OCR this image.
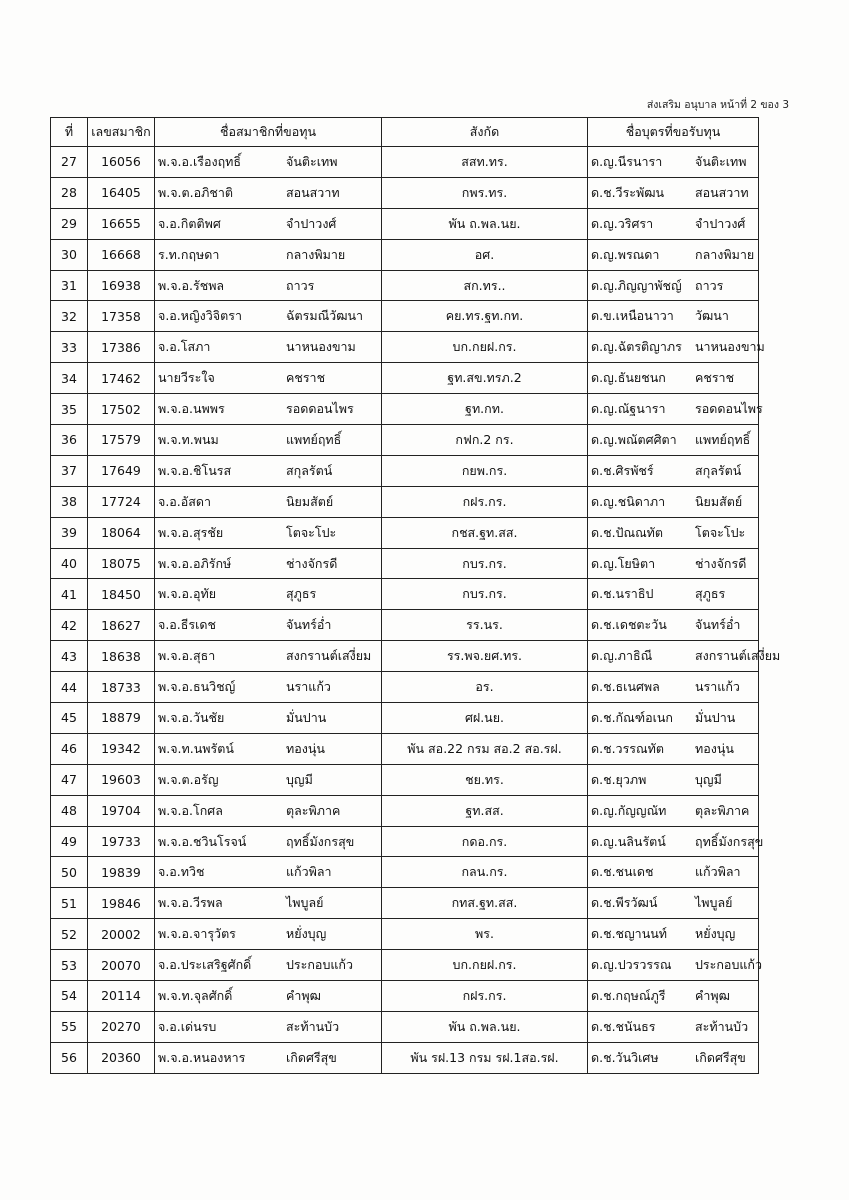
ส่งเสริม อนุบาล หน้าที่ 2 ของ 3
ที่	เลขสมาชิก	ชื่อสมาชิกที่ขอทุน	สังกัด	ชื่อบุตรที่ขอรับทุน
27	16056	พ.จ.อ.เรืองฤทธิ์ จันติะเทพ	สสท.ทร.	ด.ญ.นีรนารา จันติะเทพ
28	16405	พ.จ.ต.อภิชาติ สอนสวาท	กพร.ทร.	ด.ช.วีระพัฒน สอนสวาท
29	16655	จ.อ.กิตติพศ จำปาวงศ์	พัน ถ.พล.นย.	ด.ญ.วริศรา จำปาวงศ์
30	16668	ร.ท.กฤษดา กลางพิมาย	อศ.	ด.ญ.พรณดา กลางพิมาย
31	16938	พ.จ.อ.รัชพล ถาวร	สก.ทร..	ด.ญ.ภิญญาพัชญ์ ถาวร
32	17358	จ.อ.หญิงวิจิตรา ฉัตรมณีวัฒนา	คย.ทร.ฐท.กท.	ด.ข.เหนือนาวา วัฒนา
33	17386	จ.อ.โสภา นาหนองขาม	บก.กยฝ.กร.	ด.ญ.ฉัตรติญาภร นาหนองขาม
34	17462	นายวีระใจ คชราช	ฐท.สข.ทรภ.2	ด.ญ.ธันยชนก คชราช
35	17502	พ.จ.อ.นพพร รอดดอนไพร	ฐท.กท.	ด.ญ.ณัฐนารา รอดดอนไพร
36	17579	พ.จ.ท.พนม แพทย์ฤทธิ์	กฟก.2 กร.	ด.ญ.พณัตศศิตา แพทย์ฤทธิ์
37	17649	พ.จ.อ.ชิโนรส สกุลรัตน์	กยพ.กร.	ด.ช.ศิรพัชร์ สกุลรัตน์
38	17724	จ.อ.อัสดา นิยมสัตย์	กฝร.กร.	ด.ญ.ชนิดาภา นิยมสัตย์
39	18064	พ.จ.อ.สุรชัย โตจะโปะ	กชส.ฐท.สส.	ด.ช.ปัณณทัต โตจะโปะ
40	18075	พ.จ.อ.อภิรักษ์ ช่างจักรดี	กบร.กร.	ด.ญ.โยษิตา ช่างจักรดี
41	18450	พ.จ.อ.อุทัย สุภูธร	กบร.กร.	ด.ช.นราธิป สุภูธร
42	18627	จ.อ.ธีรเดช จันทร์อ่ำ	รร.นร.	ด.ช.เดชตะวัน จันทร์อ่ำ
43	18638	พ.จ.อ.สุธา สงกรานต์เสงี่ยม	รร.พจ.ยศ.ทร.	ด.ญ.ภาธิณี สงกรานต์เสงี่ยม
44	18733	พ.จ.อ.ธนวิชญ์ นราแก้ว	อร.	ด.ช.ธเนศพล นราแก้ว
45	18879	พ.จ.อ.วันชัย มั่นปาน	ศฝ.นย.	ด.ช.กัณฑ์อเนก มั่นปาน
46	19342	พ.จ.ท.นพรัตน์ ทองนุ่น	พัน สอ.22 กรม สอ.2 สอ.รฝ.	ด.ช.วรรณทัต ทองนุ่น
47	19603	พ.จ.ต.อรัญ บุญมี	ชย.ทร.	ด.ช.ยุวภพ บุญมี
48	19704	พ.จ.อ.โกศล ตุละพิภาค	ฐท.สส.	ด.ญ.กัญญณัท ตุละพิภาค
49	19733	พ.จ.อ.ชวินโรจน์ ฤทธิ์มังกรสุข	กดอ.กร.	ด.ญ.นลินรัตน์ ฤทธิ์มังกรสุข
50	19839	จ.อ.ทวิช แก้วพิลา	กลน.กร.	ด.ช.ชนเดช แก้วพิลา
51	19846	พ.จ.อ.วีรพล ไพบูลย์	กทส.ฐท.สส.	ด.ช.พีรวัฒน์ ไพบูลย์
52	20002	พ.จ.อ.จารุวัตร หยั่งบุญ	พร.	ด.ช.ชญานนท์ หยั่งบุญ
53	20070	จ.อ.ประเสริฐศักดิ์ ประกอบแก้ว	บก.กยฝ.กร.	ด.ญ.ปวรวรรณ ประกอบแก้ว
54	20114	พ.จ.ท.จุลศักดิ์ คำพุฒ	กฝร.กร.	ด.ช.กฤษณ์ภูรี คำพุฒ
55	20270	จ.อ.เด่นรบ สะท้านบัว	พัน ถ.พล.นย.	ด.ช.ชนันธร สะท้านบัว
56	20360	พ.จ.อ.หนองหาร เกิดศรีสุข	พัน รฝ.13 กรม รฝ.1สอ.รฝ.	ด.ช.วันวิเศษ เกิดศรีสุข
